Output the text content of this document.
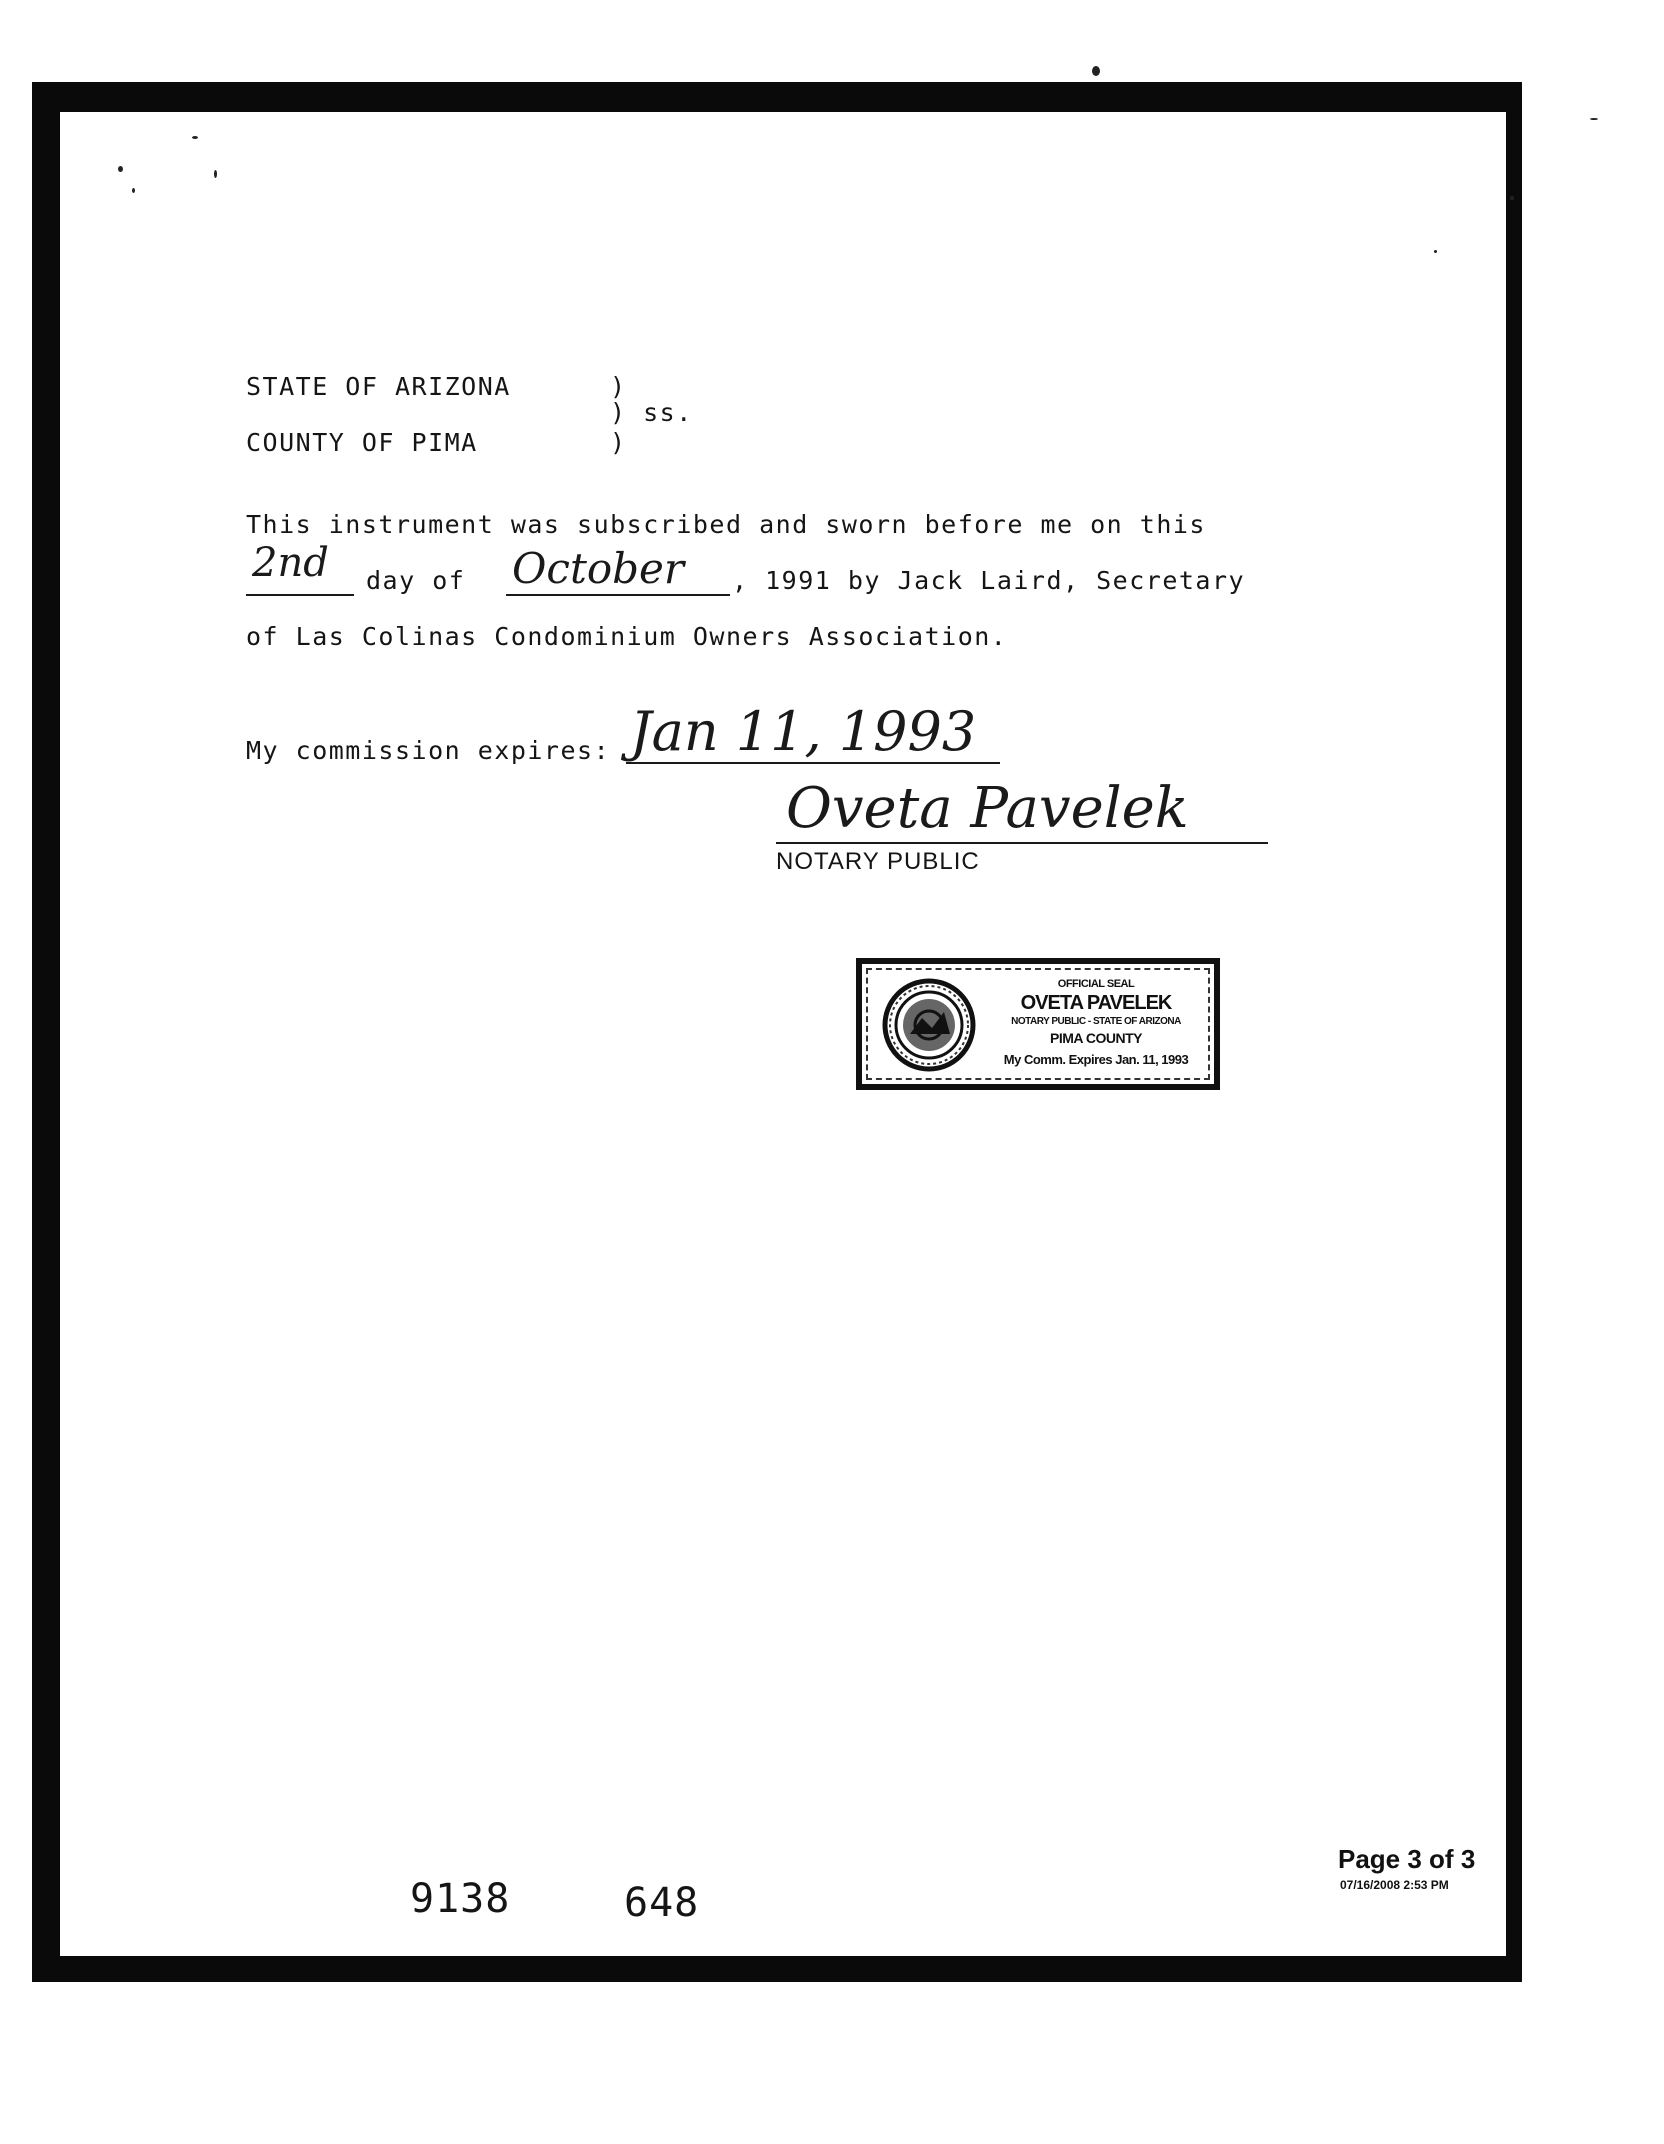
STATE OF ARIZONA	)
) ss.
COUNTY OF PIMA	)
This instrument was subscribed and sworn before me on this
2nd day of October , 1991 by Jack Laird, Secretary
of Las Colinas Condominium Owners Association.
My commission expires: Jan 11, 1993
Oveta Pavelek
NOTARY PUBLIC
OFFICIAL SEAL
OVETA PAVELEK
NOTARY PUBLIC - STATE OF ARIZONA
PIMA COUNTY
My Comm. Expires Jan. 11, 1993
9138	648
Page 3 of 3
07/16/2008 2:53 PM
